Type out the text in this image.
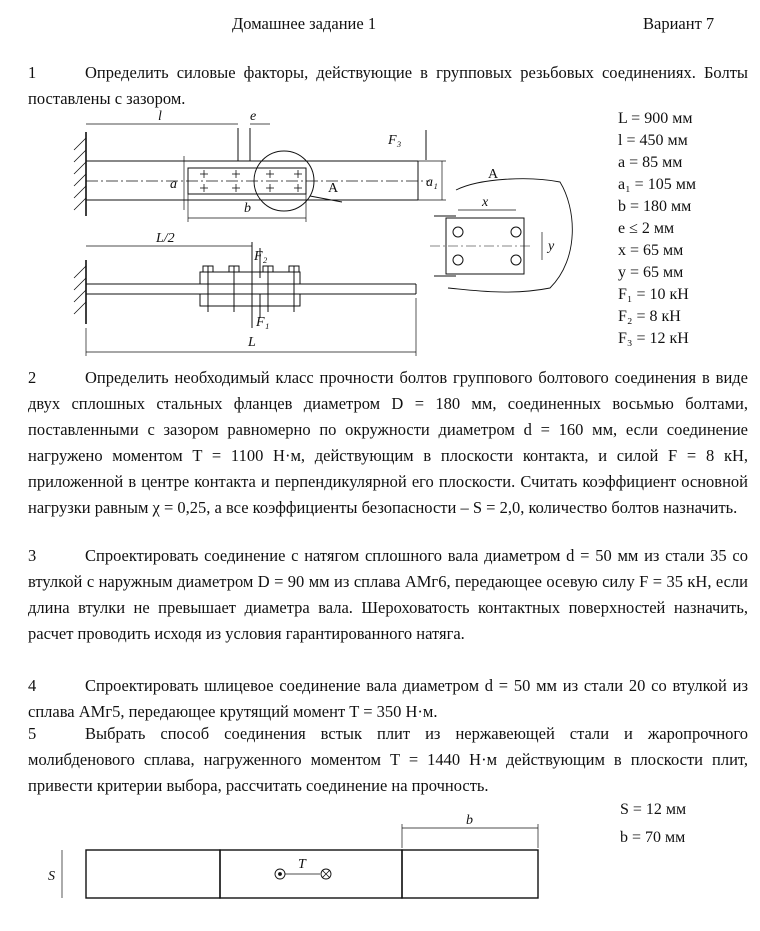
Домашнее задание 1	Вариант 7
1	Определить силовые факторы, действующие в групповых резьбовых соединениях. Болты поставлены с зазором.
l	e
a
b
F₃
a₁
L/2
F₂
F₁
L
x
y
A
A
L = 900 мм
l = 450 мм
a = 85 мм
a₁ = 105 мм
b = 180 мм
e ≤ 2 мм
x = 65 мм
y = 65 мм
F₁ = 10 кН
F₂ = 8 кН
F₃ = 12 кН
2	Определить необходимый класс прочности болтов группового болтового соединения в виде двух сплошных стальных фланцев диаметром D = 180 мм, соединенных восьмью болтами, поставленными с зазором равномерно по окружности диаметром d = 160 мм, если соединение нагружено моментом T = 1100 Н·м, действующим в плоскости контакта, и силой F = 8 кН, приложенной в центре контакта и перпендикулярной его плоскости. Считать коэффициент основной нагрузки равным χ = 0,25, а все коэффициенты безопасности – S = 2,0, количество болтов назначить.
3	Спроектировать соединение с натягом сплошного вала диаметром d = 50 мм из стали 35 со втулкой с наружным диаметром D = 90 мм из сплава АМг6, передающее осевую силу F = 35 кН, если длина втулки не превышает диаметра вала. Шероховатость контактных поверхностей назначить, расчет проводить исходя из условия гарантированного натяга.
4	Спроектировать шлицевое соединение вала диаметром d = 50 мм из стали 20 со втулкой из сплава АМг5, передающее крутящий момент T = 350 Н·м.
5	Выбрать способ соединения встык плит из нержавеющей стали и жаропрочного молибденового сплава, нагруженного моментом T = 1440 Н·м действующим в плоскости плит, привести критерии выбора, рассчитать соединение на прочность.
S = 12 мм
b = 70 мм
S
T
b
